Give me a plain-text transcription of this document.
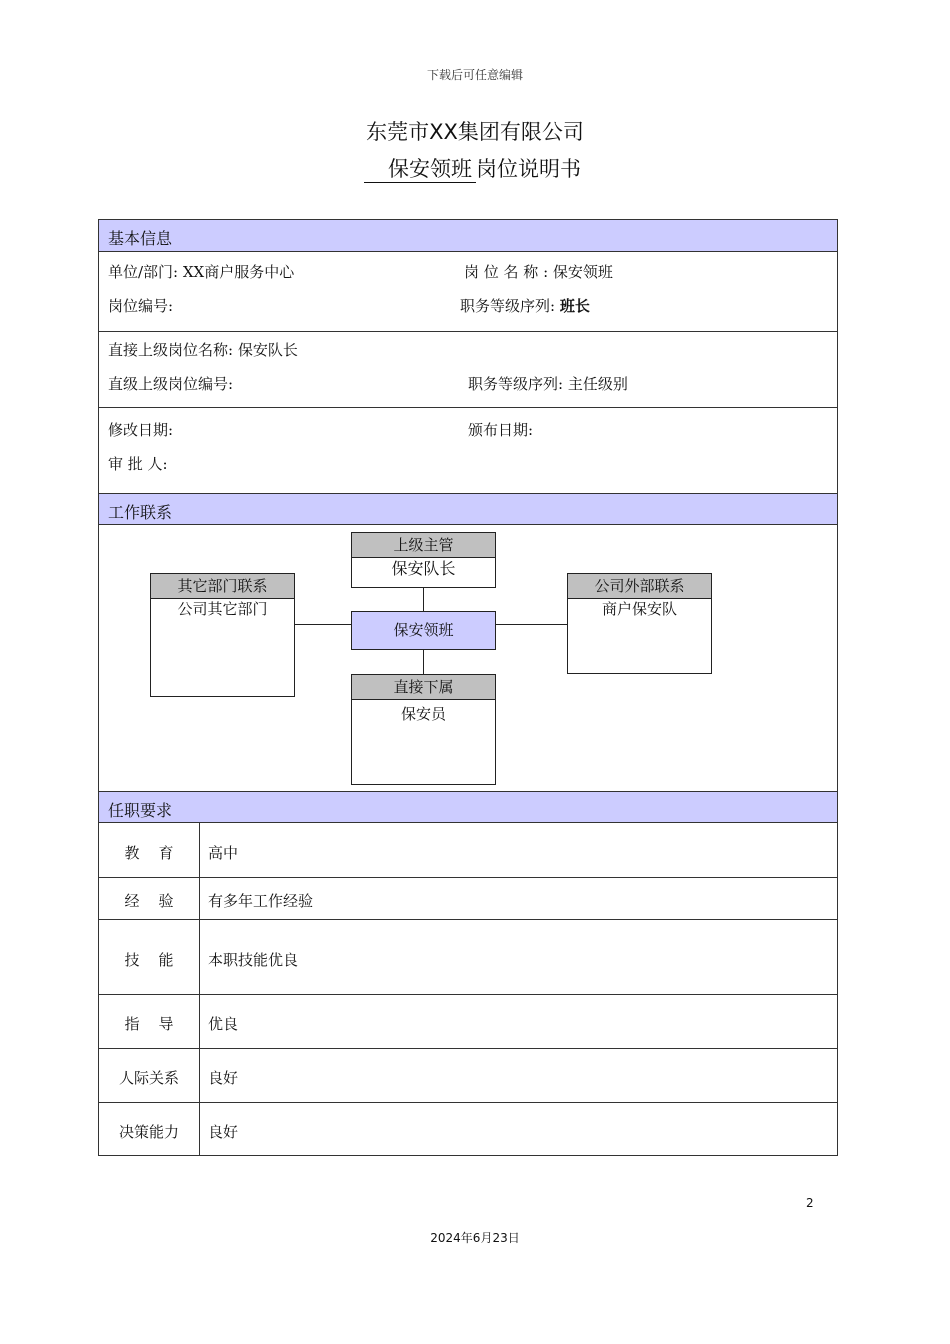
下载后可任意编辑
东莞市XX集团有限公司
保安领班 岗位说明书
基本信息
单位/部门: XX商户服务中心	岗 位 名 称 : 保安领班
岗位编号:	职务等级序列: 班长
直接上级岗位名称: 保安队长
直级上级岗位编号:	职务等级序列: 主任级别
修改日期:	颁布日期:
审 批 人:
工作联系
上级主管
保安队长
其它部门联系
公司其它部门
保安领班
公司外部联系
商户保安队
直接下属
保安员
任职要求
教    育	高中
经    验	有多年工作经验
技    能	本职技能优良
指    导	优良
人际关系	良好
决策能力	良好
2
2024年6月23日
